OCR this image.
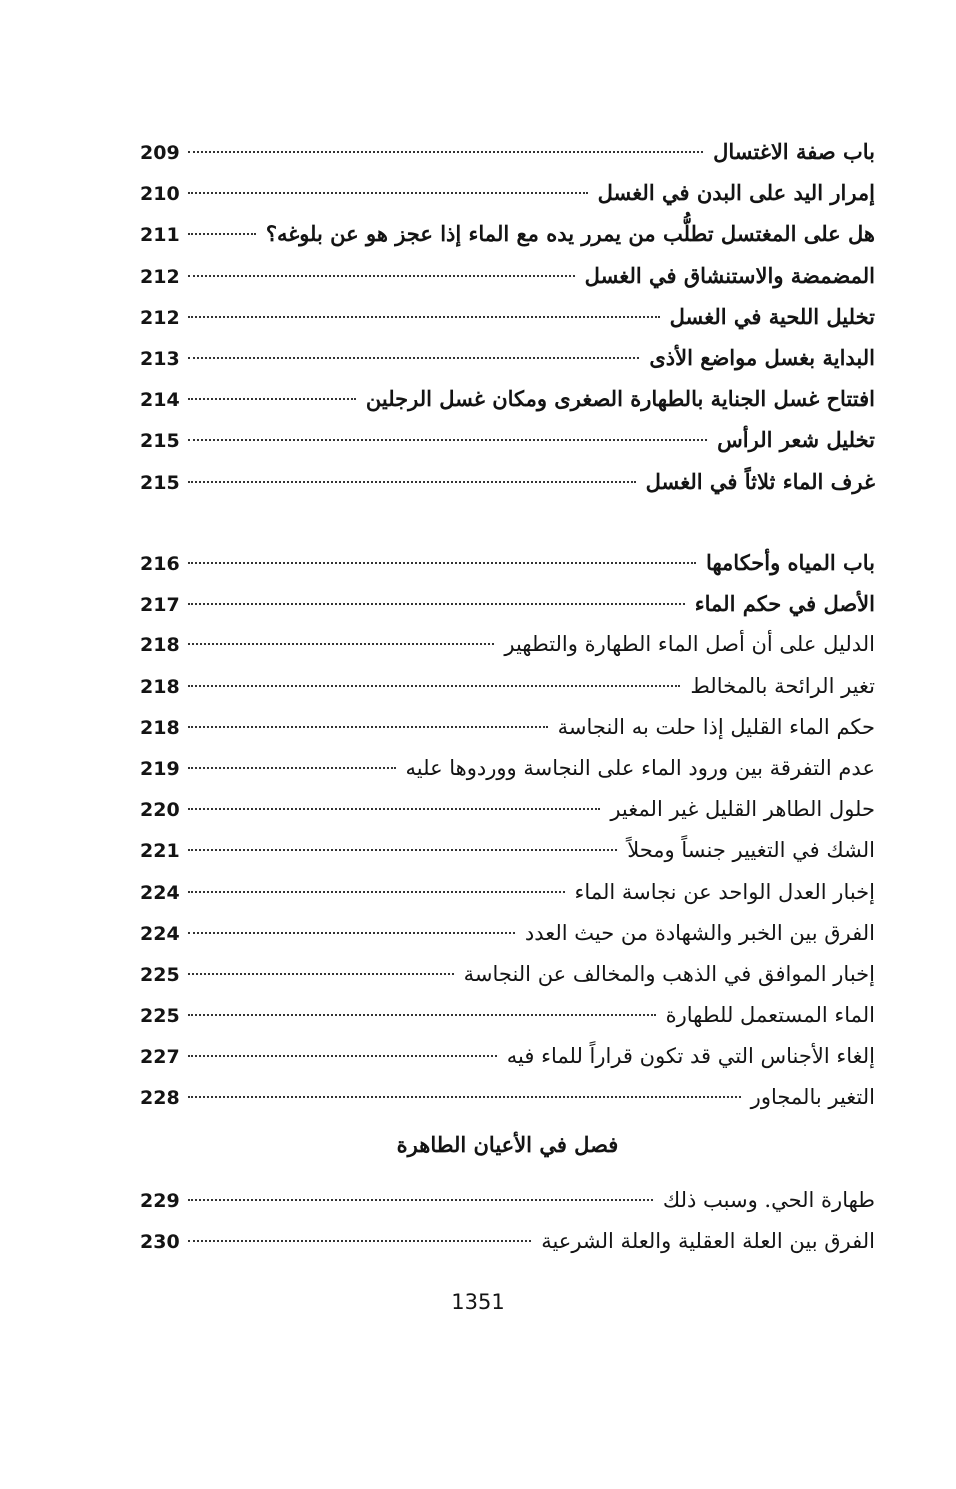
باب صفة الاغتسال
209
إمرار اليد على البدن في الغسل
210
هل على المغتسل تطلُّب من يمرر يده مع الماء إذا عجز هو عن بلوغه؟
211
المضمضة والاستنشاق في الغسل
212
تخليل اللحية في الغسل
212
البداية بغسل مواضع الأذى
213
افتتاح غسل الجناية بالطهارة الصغرى ومكان غسل الرجلين
214
تخليل شعر الرأس
215
غرف الماء ثلاثاً في الغسل
215
باب المياه وأحكامها
216
الأصل في حكم الماء
217
الدليل على أن أصل الماء الطهارة والتطهير
218
تغير الرائحة بالمخالط
218
حكم الماء القليل إذا حلت به النجاسة
218
عدم التفرقة بين ورود الماء على النجاسة ووردوها عليه
219
حلول الطاهر القليل غير المغير
220
الشك في التغيير جنساً ومحلاً
221
إخبار العدل الواحد عن نجاسة الماء
224
الفرق بين الخبر والشهادة من حيث العدد
224
إخبار الموافق في الذهب والمخالف عن النجاسة
225
الماء المستعمل للطهارة
225
إلغاء الأجناس التي قد تكون قراراً للماء فيه
227
التغير بالمجاور
228
فصل في الأعيان الطاهرة
طهارة الحي. وسبب ذلك
229
الفرق بين العلة العقلية والعلة الشرعية
230
1351
